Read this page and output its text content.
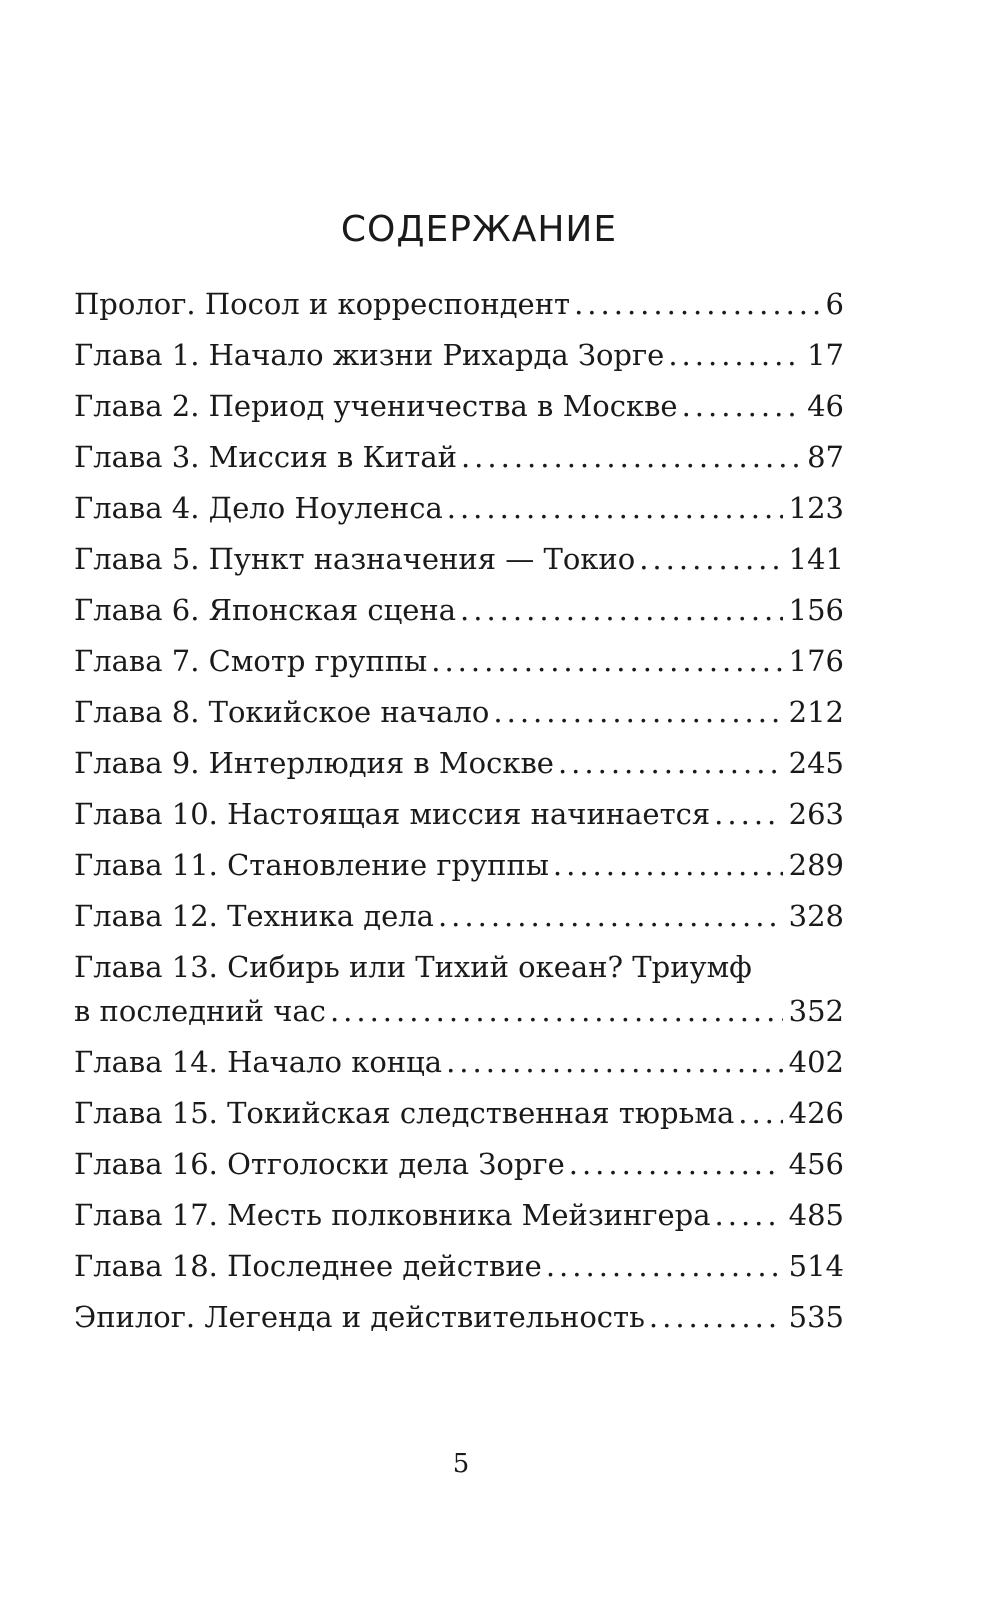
СОДЕРЖАНИЕ
Пролог. Посол и корреспондент .....	6
Глава 1. Начало жизни Рихарда Зорге .....	17
Глава 2. Период ученичества в Москве .....	46
Глава 3. Миссия в Китай .....	87
Глава 4. Дело Ноуленса .....	123
Глава 5. Пункт назначения — Токио .....	141
Глава 6. Японская сцена .....	156
Глава 7. Смотр группы .....	176
Глава 8. Токийское начало .....	212
Глава 9. Интерлюдия в Москве .....	245
Глава 10. Настоящая миссия начинается .....	263
Глава 11. Становление группы .....	289
Глава 12. Техника дела .....	328
Глава 13. Сибирь или Тихий океан? Триумф
в последний час .....	352
Глава 14. Начало конца .....	402
Глава 15. Токийская следственная тюрьма ..... 426
Глава 16. Отголоски дела Зорге .....	456
Глава 17. Месть полковника Мейзингера .....	485
Глава 18. Последнее действие .....	514
Эпилог. Легенда и действительность .....	535
5
